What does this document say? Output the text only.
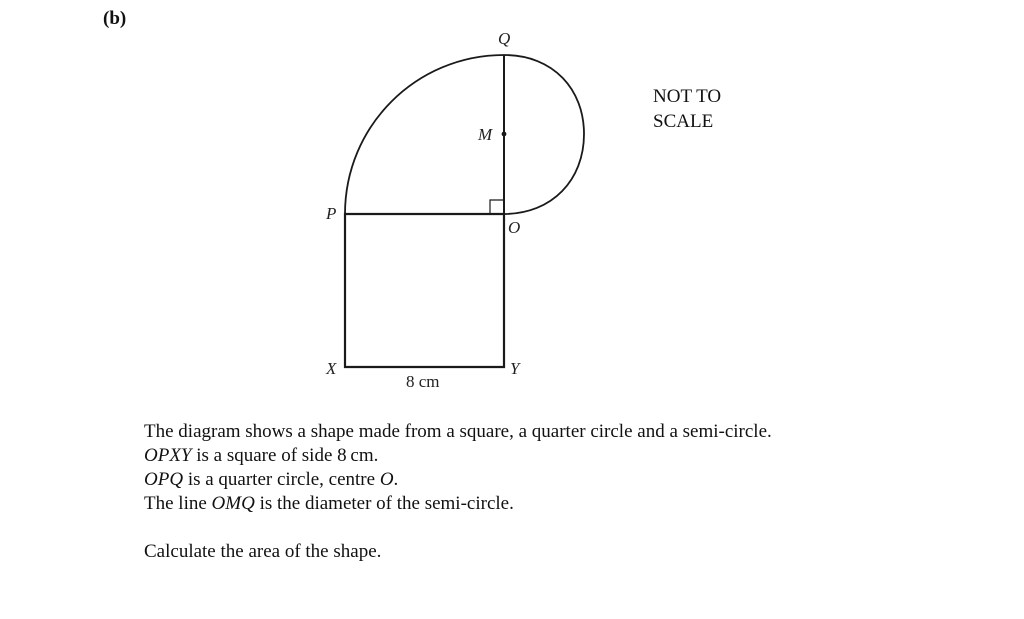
(b)

Q
M
P
O
X	Y
8 cm
NOT TO
SCALE

The diagram shows a shape made from a square, a quarter circle and a semi-circle.

OPXY is a square of side 8 cm.

OPQ is a quarter circle, centre O.

The line OMQ is the diameter of the semi-circle.

Calculate the area of the shape.
